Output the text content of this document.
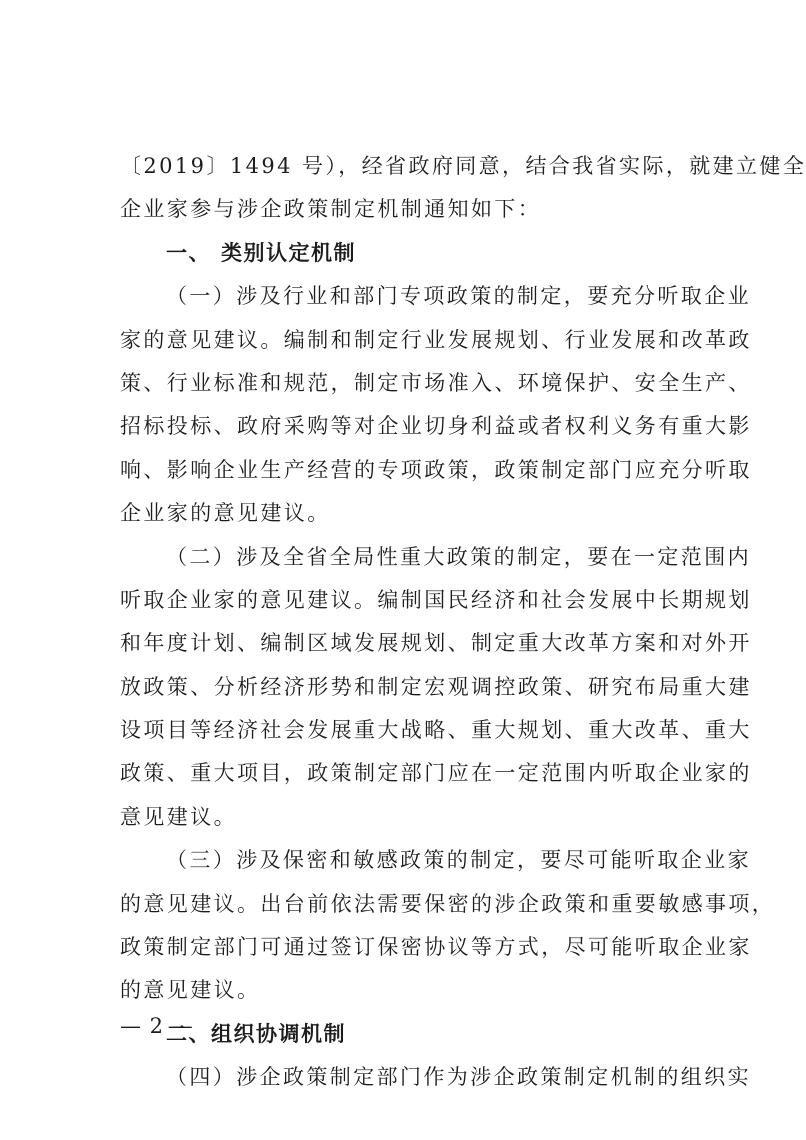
〔2019〕1494 号），经省政府同意，结合我省实际，就建立健全
企业家参与涉企政策制定机制通知如下：
一、 类别认定机制
（一）涉及行业和部门专项政策的制定，要充分听取企业
家的意见建议。编制和制定行业发展规划、行业发展和改革政
策、行业标准和规范，制定市场准入、环境保护、安全生产、
招标投标、政府采购等对企业切身利益或者权利义务有重大影
响、影响企业生产经营的专项政策，政策制定部门应充分听取
企业家的意见建议。
（二）涉及全省全局性重大政策的制定，要在一定范围内
听取企业家的意见建议。编制国民经济和社会发展中长期规划
和年度计划、编制区域发展规划、制定重大改革方案和对外开
放政策、分析经济形势和制定宏观调控政策、研究布局重大建
设项目等经济社会发展重大战略、重大规划、重大改革、重大
政策、重大项目，政策制定部门应在一定范围内听取企业家的
意见建议。
（三）涉及保密和敏感政策的制定，要尽可能听取企业家
的意见建议。出台前依法需要保密的涉企政策和重要敏感事项，
政策制定部门可通过签订保密协议等方式，尽可能听取企业家
的意见建议。
二、组织协调机制
（四）涉企政策制定部门作为涉企政策制定机制的组织实
— 2 —
